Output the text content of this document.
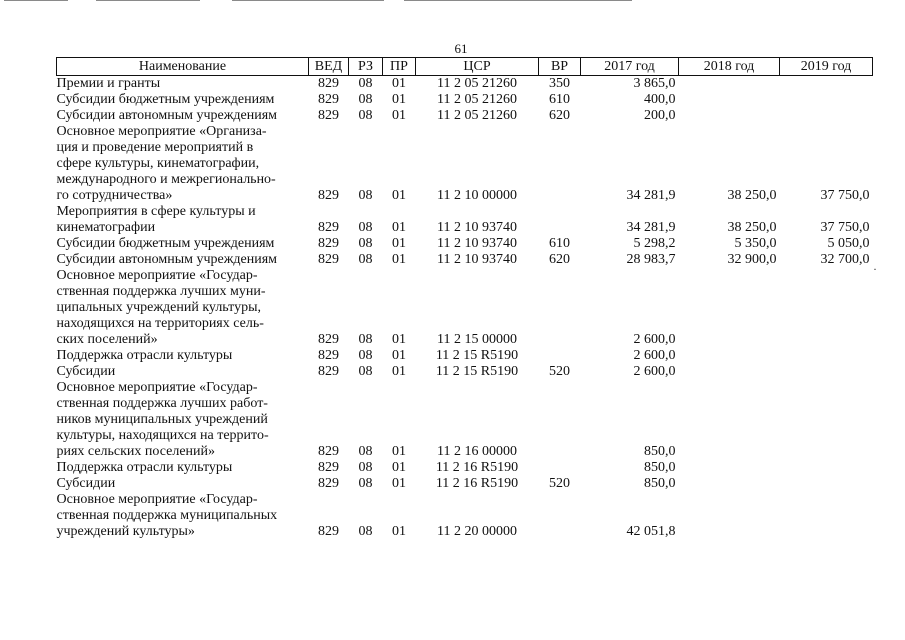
61
Наименование	ВЕД	РЗ	ПР	ЦСР	ВР	2017 год	2018 год	2019 год
Премии и гранты	829	08	01	11 2 05 21260	350	3 865,0		
Субсидии бюджетным учреждениям	829	08	01	11 2 05 21260	610	400,0		
Субсидии автономным учреждениям	829	08	01	11 2 05 21260	620	200,0		
Основное мероприятие «Организа-
ция и проведение мероприятий в
сфере культуры, кинематографии,
международного и межрегионально-
го сотрудничества»	829	08	01	11 2 10 00000		34 281,9	38 250,0	37 750,0
Мероприятия в сфере культуры и
кинематографии	829	08	01	11 2 10 93740		34 281,9	38 250,0	37 750,0
Субсидии бюджетным учреждениям	829	08	01	11 2 10 93740	610	5 298,2	5 350,0	5 050,0
Субсидии автономным учреждениям	829	08	01	11 2 10 93740	620	28 983,7	32 900,0	32 700,0
Основное мероприятие «Государ-
ственная поддержка лучших муни-
ципальных учреждений культуры,
находящихся на территориях сель-
ских поселений»	829	08	01	11 2 15 00000		2 600,0		
Поддержка отрасли культуры	829	08	01	11 2 15 R5190		2 600,0		
Субсидии	829	08	01	11 2 15 R5190	520	2 600,0		
Основное мероприятие «Государ-
ственная поддержка лучших работ-
ников муниципальных учреждений
культуры, находящихся на террито-
риях сельских поселений»	829	08	01	11 2 16 00000		850,0		
Поддержка отрасли культуры	829	08	01	11 2 16 R5190		850,0		
Субсидии	829	08	01	11 2 16 R5190	520	850,0		
Основное мероприятие «Государ-
ственная поддержка муниципальных
учреждений культуры»	829	08	01	11 2 20 00000		42 051,8		
·
